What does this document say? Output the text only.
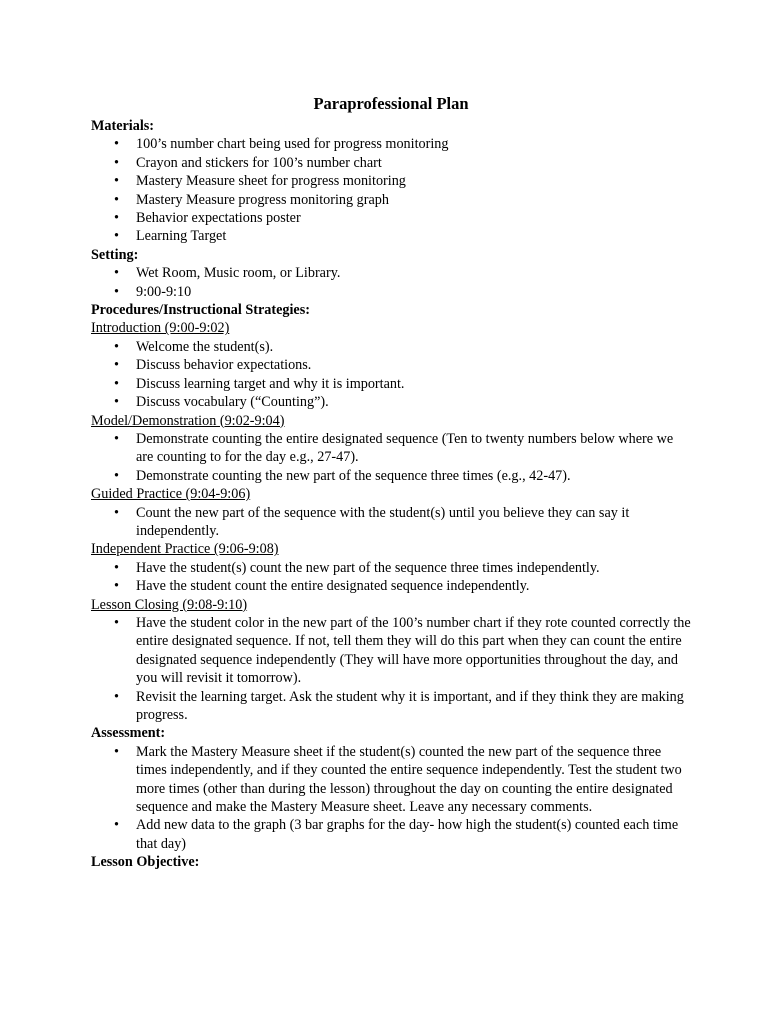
Paraprofessional Plan
Materials:
• 100’s number chart being used for progress monitoring
• Crayon and stickers for 100’s number chart
• Mastery Measure sheet for progress monitoring
• Mastery Measure progress monitoring graph
• Behavior expectations poster
• Learning Target
Setting:
• Wet Room, Music room, or Library.
• 9:00-9:10
Procedures/Instructional Strategies:
Introduction (9:00-9:02)
• Welcome the student(s).
• Discuss behavior expectations.
• Discuss learning target and why it is important.
• Discuss vocabulary (“Counting”).
Model/Demonstration (9:02-9:04)
• Demonstrate counting the entire designated sequence (Ten to twenty numbers below where we are counting to for the day e.g., 27-47).
• Demonstrate counting the new part of the sequence three times (e.g., 42-47).
Guided Practice (9:04-9:06)
• Count the new part of the sequence with the student(s) until you believe they can say it independently.
Independent Practice (9:06-9:08)
• Have the student(s) count the new part of the sequence three times independently.
• Have the student count the entire designated sequence independently.
Lesson Closing (9:08-9:10)
• Have the student color in the new part of the 100’s number chart if they rote counted correctly the entire designated sequence. If not, tell them they will do this part when they can count the entire designated sequence independently (They will have more opportunities throughout the day, and you will revisit it tomorrow).
• Revisit the learning target. Ask the student why it is important, and if they think they are making progress.
Assessment:
• Mark the Mastery Measure sheet if the student(s) counted the new part of the sequence three times independently, and if they counted the entire sequence independently. Test the student two more times (other than during the lesson) throughout the day on counting the entire designated sequence and make the Mastery Measure sheet. Leave any necessary comments.
• Add new data to the graph (3 bar graphs for the day- how high the student(s) counted each time that day)
Lesson Objective:
